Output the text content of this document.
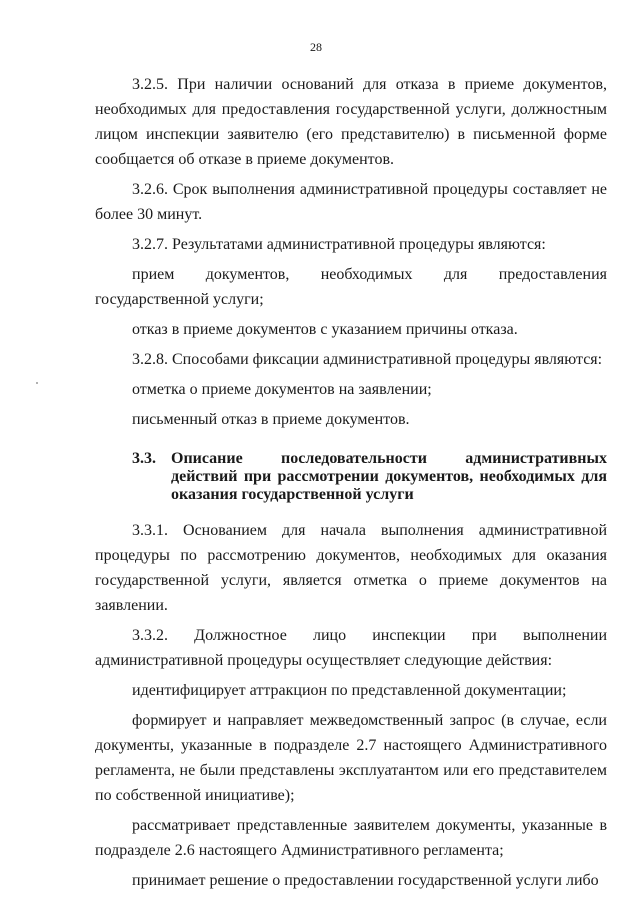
28

3.2.5. При наличии оснований для отказа в приеме документов, необходимых для предоставления государственной услуги, должностным лицом инспекции заявителю (его представителю) в письменной форме сообщается об отказе в приеме документов.

3.2.6. Срок выполнения административной процедуры составляет не более 30 минут.

3.2.7. Результатами административной процедуры являются:

прием документов, необходимых для предоставления государственной услуги;

отказ в приеме документов с указанием причины отказа.

3.2.8. Способами фиксации административной процедуры являются:

отметка о приеме документов на заявлении;

письменный отказ в приеме документов.

3.3. Описание последовательности административных действий при рассмотрении документов, необходимых для оказания государственной услуги

3.3.1. Основанием для начала выполнения административной процедуры по рассмотрению документов, необходимых для оказания государственной услуги, является отметка о приеме документов на заявлении.

3.3.2. Должностное лицо инспекции при выполнении административной процедуры осуществляет следующие действия:

идентифицирует аттракцион по представленной документации;

формирует и направляет межведомственный запрос (в случае, если документы, указанные в подразделе 2.7 настоящего Административного регламента, не были представлены эксплуатантом или его представителем по собственной инициативе);

рассматривает представленные заявителем документы, указанные в подразделе 2.6 настоящего Административного регламента;

принимает решение о предоставлении государственной услуги либо
